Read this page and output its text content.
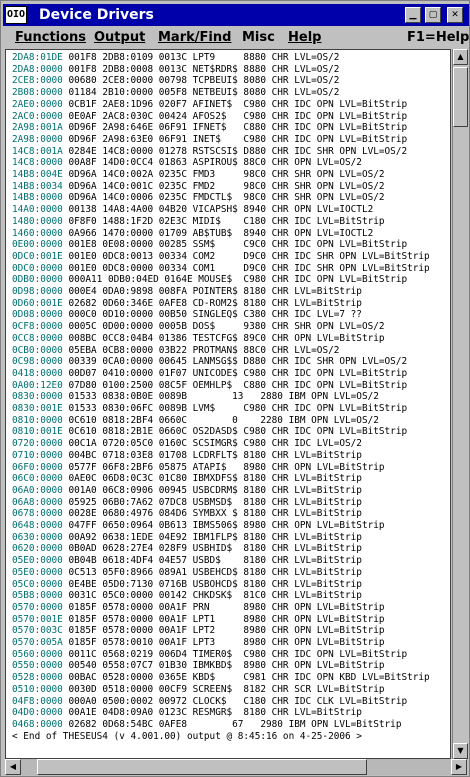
OIO Device Drivers	▁	▢	✕
Functions Output Mark/Find Misc Help	F1=Help
2DA8:01DE 001F8 2DB8:0109 0013C LPT9     8880 CHR LVL=OS/2
2DA8:0000 001F8 2DB8:0008 0013C NET$RDR$ 8880 CHR LVL=OS/2
2CE8:0000 00680 2CE8:0000 00798 TCPBEUI$ 8080 CHR LVL=OS/2
2B08:0000 01184 2B10:0000 005F8 NETBEUI$ 8080 CHR LVL=OS/2
2AE0:0000 0CB1F 2AE8:1D96 020F7 AFINET$  C980 CHR IDC OPN LVL=BitStrip
2AC0:0000 0E0AF 2AC8:030C 00424 AFOS2$   C980 CHR IDC OPN LVL=BitStrip
2A98:001A 0D96F 2A98:646E 06F91 IFNET$   C880 CHR IDC OPN LVL=BitStrip
2A98:0000 0D96F 2A98:63E0 06F91 INET$    C980 CHR IDC OPN LVL=BitStrip
14C8:001A 0284E 14C8:0000 01278 RSTSCSI$ D880 CHR IDC SHR OPN LVL=OS/2
14C8:0000 00A8F 14D0:0CC4 01863 ASPIROU$ 88C0 CHR OPN LVL=OS/2
14B8:004E 0D96A 14C0:002A 0235C FMD3     98C0 CHR SHR OPN LVL=OS/2
14B8:0034 0D96A 14C0:001C 0235C FMD2     98C0 CHR SHR OPN LVL=OS/2
14B8:0000 0D96A 14C0:0006 0235C FMDCTL$  98C0 CHR SHR OPN LVL=OS/2
14A0:0000 00138 14A8:4A00 04B20 VICAPSH$ 8940 CHR OPN LVL=IOCTL2
1480:0000 0F8F0 1488:1F2D 02E3C MIDI$    C180 CHR IDC LVL=BitStrip
1460:0000 0A966 1470:0000 01709 AB$TUB$  8940 CHR OPN LVL=IOCTL2
0E00:0000 001E8 0E08:0000 00285 SSM$     C9C0 CHR IDC OPN LVL=BitStrip
0DC0:001E 001E0 0DC8:0013 00334 COM2     D9C0 CHR IDC SHR OPN LVL=BitStrip
0DC0:0000 001E0 0DC8:0000 00334 COM1     D9C0 CHR IDC SHR OPN LVL=BitStrip
0DB0:0000 000A11 0DB0:04ED 0164E MOUSE$  C980 CHR IDC OPN LVL=BitStrip
0D98:0000 000E4 0DA0:9898 008FA POINTER$ 8180 CHR LVL=BitStrip
0D60:001E 02682 0D60:346E 0AFE8 CD-ROM2$ 8180 CHR LVL=BitStrip
0D08:0000 000C0 0D10:0000 00B50 SINGLEQ$ C380 CHR IDC LVL=7 ??
0CF8:0000 0005C 0D00:0000 0005B DOS$     9380 CHR SHR OPN LVL=OS/2
0CC8:0000 008BC 0CC8:04B4 01386 TESTCFG$ 89C0 CHR OPN LVL=BitStrip
0CB0:0000 05EBA 0CB8:0000 03B22 PROTMAN$ 88C0 CHR LVL=OS/2
0C98:0000 00339 0CA0:0000 00645 LANMSG$$ D880 CHR IDC SHR OPN LVL=OS/2
0418:0000 00D07 0410:0000 01F07 UNICODE$ C980 CHR IDC OPN LVL=BitStrip
0A00:12E0 07D80 0100:2500 08C5F OEMHLP$  C880 CHR IDC OPN LVL=BitStrip
0830:0000 01533 0838:0B0E 0089B        13   2880 IBM OPN LVL=OS/2
0830:001E 01533 0830:06FC 0089B LVM$     C980 CHR IDC OPN LVL=BitStrip
0810:0000 0C610 0818:2BF4 0660C        0    2280 IBM OPN LVL=OS/2
0810:001E 0C610 0818:2B1E 0660C OS2DASD$ C980 CHR IDC OPN LVL=BitStrip
0720:0000 00C1A 0720:05C0 0160C SCSIMGR$ C980 CHR IDC LVL=OS/2
0710:0000 004BC 0718:03E8 01708 LCDRFLT$ 8180 CHR LVL=BitStrip
06F0:0000 0577F 06F8:2BF6 05875 ATAPI$   8980 CHR OPN LVL=BitStrip
06C0:0000 0AE0C 06D8:0C3C 01C80 IBMXDFS$ 8180 CHR LVL=BitStrip
06A0:0000 001A0 06C8:0906 00945 USBCDRM$ 8180 CHR LVL=BitStrip
06A8:0000 05925 06B0:7A62 07DC8 USBMSD$  8180 CHR LVL=BitStrip
0678:0000 0028E 0680:4976 084D6 SYMBXX $ 8180 CHR LVL=BitStrip
0648:0000 047FF 0650:0964 0B613 IBMS506$ 8980 CHR OPN LVL=BitStrip
0630:0000 00A92 0638:1EDE 04E92 IBM1FLP$ 8180 CHR LVL=BitStrip
0620:0000 0B0AD 0628:27E4 028F9 USBHID$  8180 CHR LVL=BitStrip
05E0:0000 0B04B 0618:4DF4 04E57 USBD$    8180 CHR LVL=BitStrip
05E0:0000 0C513 05F0:8966 089A1 USBEHCD$ 8180 CHR LVL=BitStrip
05C0:0000 0E4BE 05D0:7130 0716B USBOHCD$ 8180 CHR LVL=BitStrip
05B8:0000 0031C 05C0:0000 00142 CHKDSK$  81C0 CHR LVL=BitStrip
0570:0000 0185F 0578:0000 00A1F PRN      8980 CHR OPN LVL=BitStrip
0570:001E 0185F 0578:0000 00A1F LPT1     8980 CHR OPN LVL=BitStrip
0570:003C 0185F 0578:0000 00A1F LPT2     8980 CHR OPN LVL=BitStrip
0570:005A 0185F 0578:0010 00A1F LPT3     8980 CHR OPN LVL=BitStrip
0560:0000 0011C 0568:0219 006D4 TIMER0$  C980 CHR IDC OPN LVL=BitStrip
0550:0000 00540 0558:07C7 01B30 IBMKBD$  8980 CHR OPN LVL=BitStrip
0528:0000 00BAC 0528:0000 0365E KBD$     C981 CHR IDC OPN KBD LVL=BitStrip
0510:0000 0030D 0518:0000 00CF9 SCREEN$  8182 CHR SCR LVL=BitStrip
04F8:0000 000A0 0500:0002 00972 CLOCK$   C180 CHR IDC CLK LVL=BitStrip
04D0:0000 00A1E 04D8:09A0 0123C RESMGR$  8180 CHR LVL=BitStrip
0468:0000 02682 0D68:54BC 0AFE8        67   2980 IBM OPN LVL=BitStrip
< End of THESEUS4 (v 4.001.00) output @ 8:45:16 on 4-25-2006 >
▲
▼
◀	▶
